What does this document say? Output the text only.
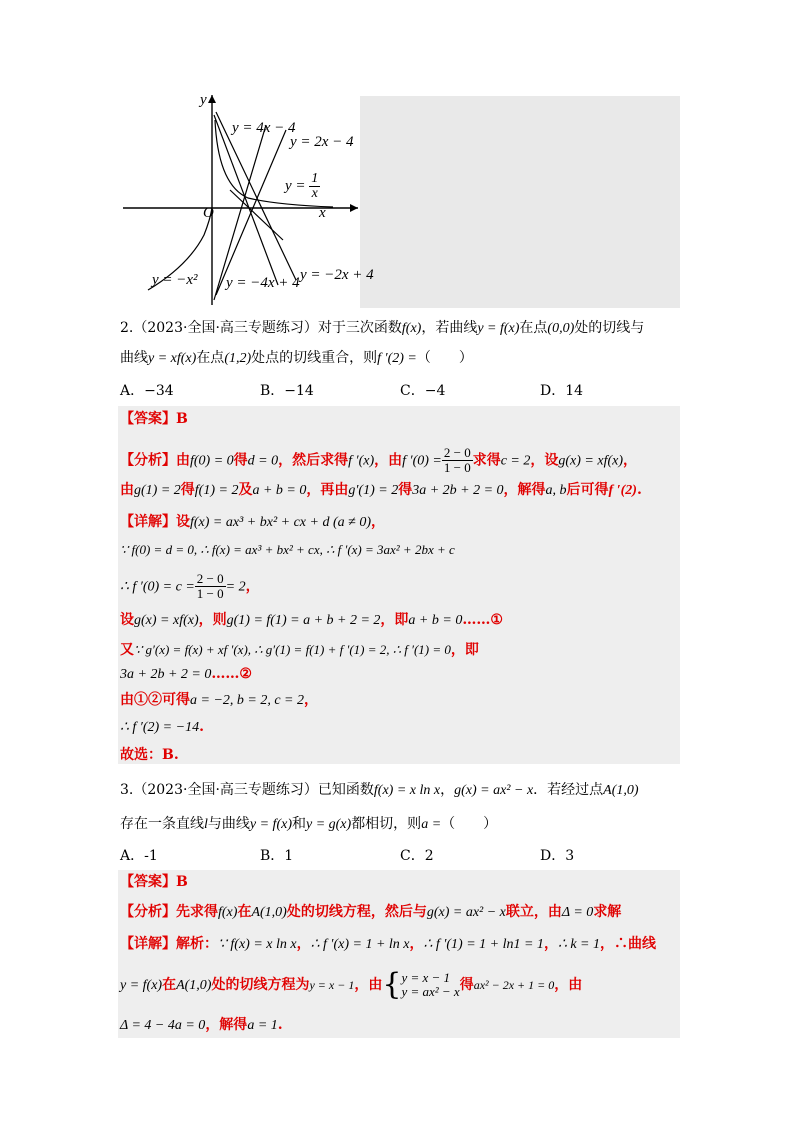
y
x
O
y = 4x − 4
y = 2x − 4
$y = \frac{1}{x}$
y = −x² y = −4x + 4 y = −2x + 4
2.（2023·全国·高三专题练习）对于三次函数f(x)，若曲线y = f(x)在点(0,0)处的切线与
曲线y = xf(x)在点(1,2)处点的切线重合，则f ′(2) =（　　）
A．−34	B．−14	C．−4	D．14
【答案】B
【分析】由f(0) = 0得d = 0，然后求得f ′(x)，由f $'(0) = \frac{2 - 0}{1 - 0}$ 求得c = 2，设g(x) = xf(x)，
由g(1) = 2得f(1) = 2及a + b = 0，再由g′(1) = 2得3a + 2b + 2 = 0，解得a, b后可得f ′(2).
【详解】设f(x) = ax³ + bx² + cx + d (a ≠ 0)，
∵ f(0) = d = 0, ∴ f(x) = ax³ + bx² + cx, ∴ f ′(x) = 3ax² + 2bx + c
∴ f $'(0) = c = \frac{2 - 0}{1 - 0} = 2$，
设g(x) = xf(x)，则g(1) = f(1) = a + b + 2 = 2，即a + b = 0……①
又∵ g′(x) = f(x) + xf ′(x), ∴ g′(1) = f(1) + f ′(1) = 2, ∴ f ′(1) = 0，即
3a + 2b + 2 = 0……②
由①②可得a = −2, b = 2, c = 2，
∴ f ′(2) = −14.
故选：B.
3.（2023·全国·高三专题练习）已知函数f(x) = x ln x，g(x) = ax² − x．若经过点A(1,0)
存在一条直线l与曲线y = f(x)和y = g(x)都相切，则a =（　　）
A．-1	B．1	C．2	D．3
【答案】B
【分析】先求得f(x)在A(1,0)处的切线方程，然后与g(x) = ax² − x联立，由Δ = 0求解
【详解】解析：∵ f(x) = x ln x，∴ f ′(x) = 1 + ln x，∴ f ′(1) = 1 + ln1 = 1，∴ k = 1，∴曲线
y = f(x)在A(1,0)处的切线方程为y = x − 1，由{ y = x − 1
y = ax² − x 得ax² − 2x + 1 = 0，由
Δ = 4 − 4a = 0，解得a = 1.
